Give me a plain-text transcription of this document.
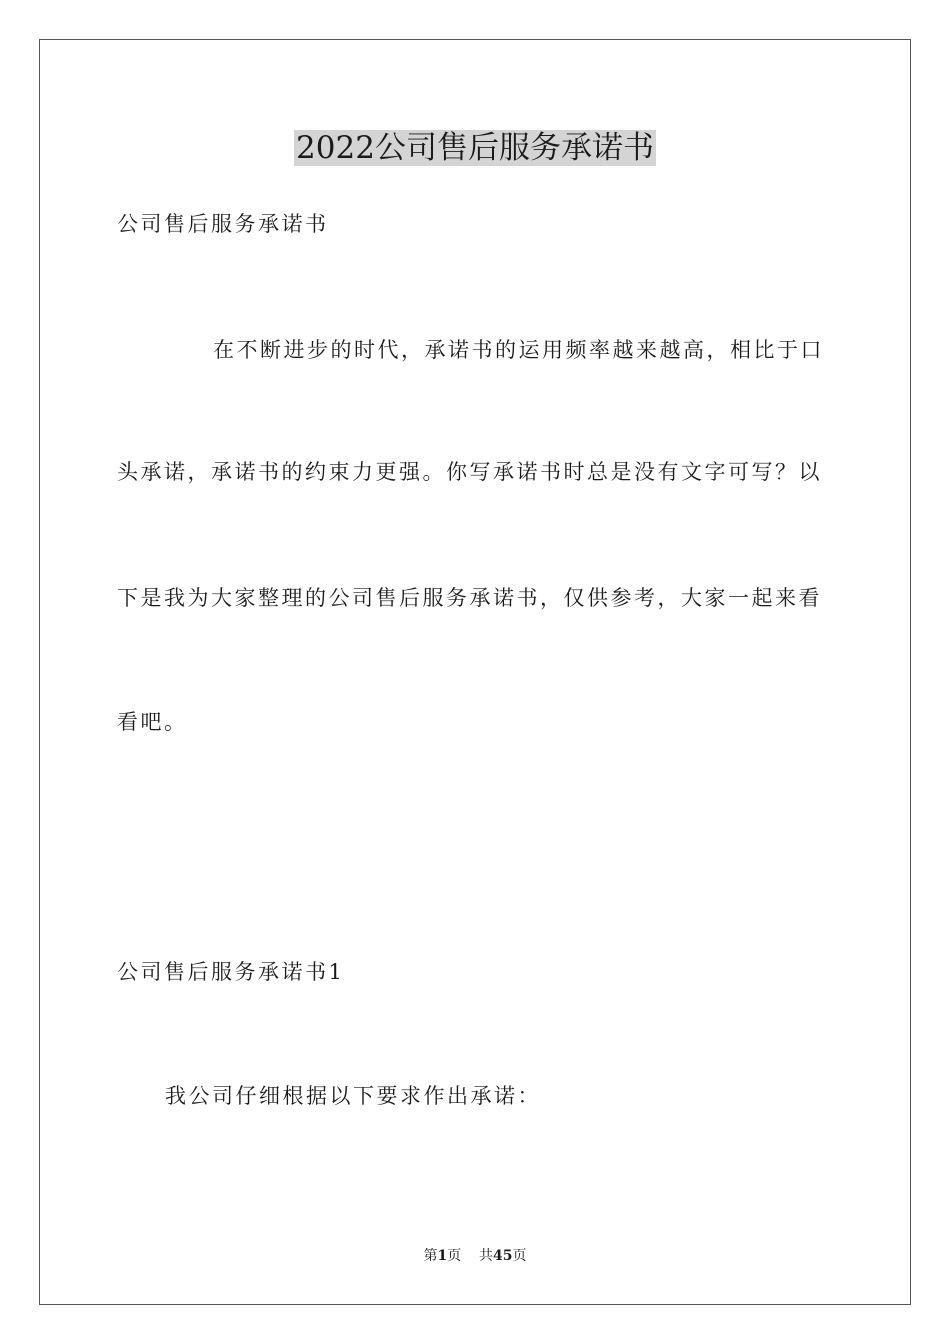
2022公司售后服务承诺书

公司售后服务承诺书

在不断进步的时代，承诺书的运用频率越来越高，相比于口

头承诺，承诺书的约束力更强。你写承诺书时总是没有文字可写？以

下是我为大家整理的公司售后服务承诺书，仅供参考，大家一起来看

看吧。

公司售后服务承诺书1

我公司仔细根据以下要求作出承诺：

第1页 共45页
